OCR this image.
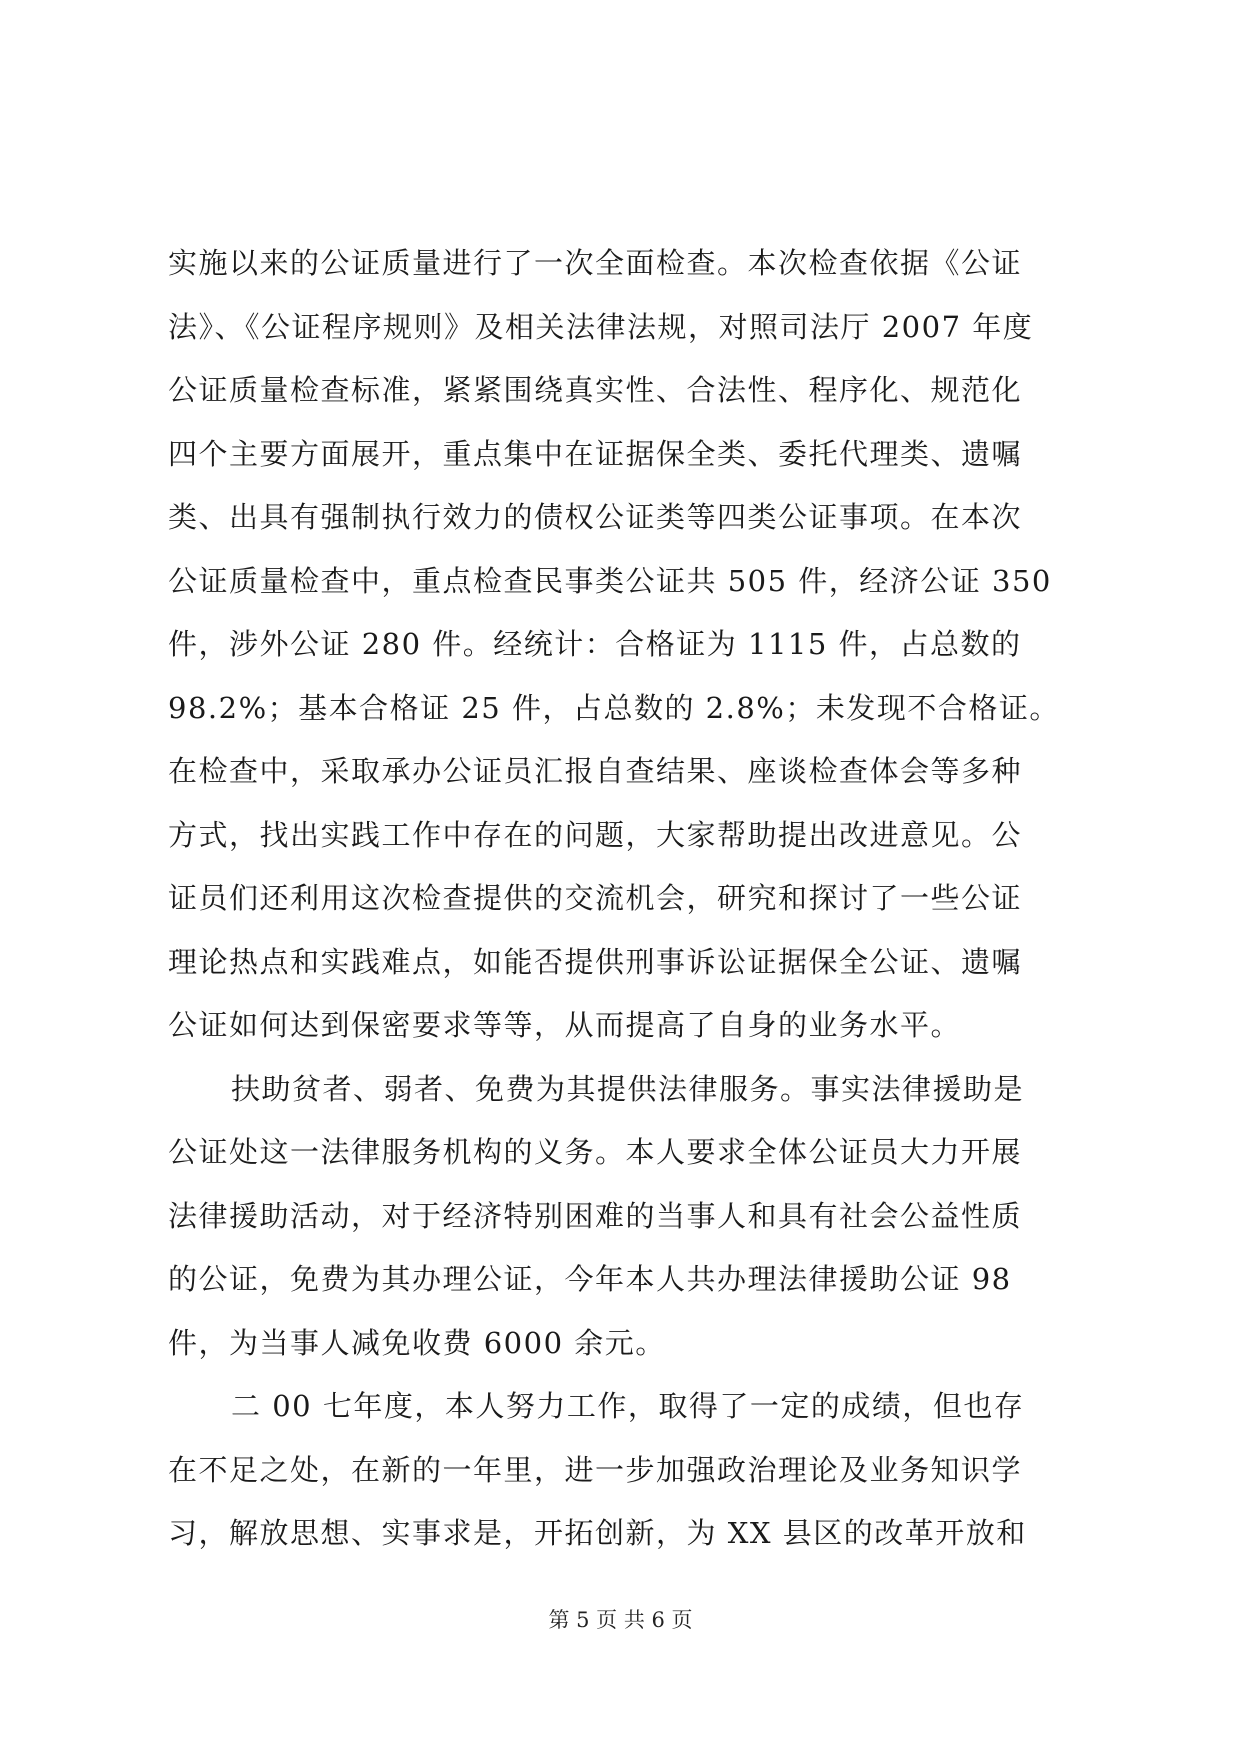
实施以来的公证质量进行了一次全面检查。本次检查依据《公证
法》、《公证程序规则》及相关法律法规，对照司法厅 2007 年度
公证质量检查标准，紧紧围绕真实性、合法性、程序化、规范化
四个主要方面展开，重点集中在证据保全类、委托代理类、遗嘱
类、出具有强制执行效力的债权公证类等四类公证事项。在本次
公证质量检查中，重点检查民事类公证共 505 件，经济公证 350
件，涉外公证 280 件。经统计：合格证为 1115 件，占总数的
98.2%；基本合格证 25 件，占总数的 2.8%；未发现不合格证。
在检查中，采取承办公证员汇报自查结果、座谈检查体会等多种
方式，找出实践工作中存在的问题，大家帮助提出改进意见。公
证员们还利用这次检查提供的交流机会，研究和探讨了一些公证
理论热点和实践难点，如能否提供刑事诉讼证据保全公证、遗嘱
公证如何达到保密要求等等，从而提高了自身的业务水平。
扶助贫者、弱者、免费为其提供法律服务。事实法律援助是
公证处这一法律服务机构的义务。本人要求全体公证员大力开展
法律援助活动，对于经济特别困难的当事人和具有社会公益性质
的公证，免费为其办理公证，今年本人共办理法律援助公证 98
件，为当事人减免收费 6000 余元。
二 00 七年度，本人努力工作，取得了一定的成绩，但也存
在不足之处，在新的一年里，进一步加强政治理论及业务知识学
习，解放思想、实事求是，开拓创新，为 XX 县区的改革开放和
第 5 页 共 6 页
